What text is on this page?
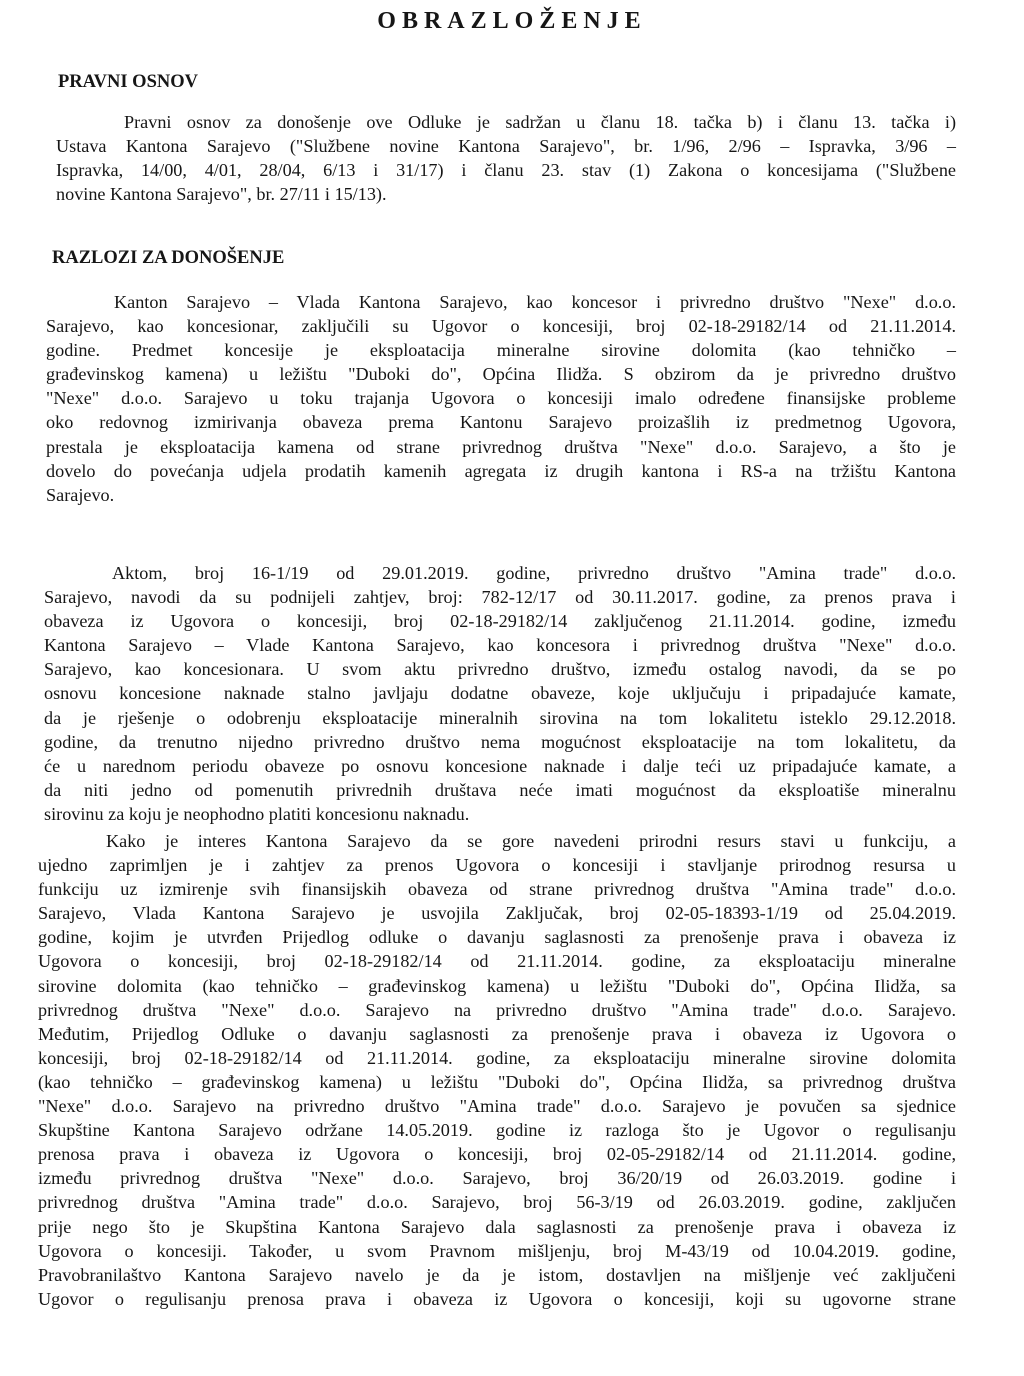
OBRAZLOŽENJE
PRAVNI OSNOV
Pravni osnov za donošenje ove Odluke je sadržan u članu 18. tačka b) i članu 13. tačka i)
Ustava Kantona Sarajevo ("Službene novine Kantona Sarajevo", br. 1/96, 2/96 – Ispravka, 3/96 –
Ispravka, 14/00, 4/01, 28/04, 6/13 i 31/17) i članu 23. stav (1) Zakona o koncesijama ("Službene
novine Kantona Sarajevo", br. 27/11 i 15/13).
RAZLOZI ZA DONOŠENJE
Kanton Sarajevo – Vlada Kantona Sarajevo, kao koncesor i privredno društvo "Nexe" d.o.o.
Sarajevo, kao koncesionar, zaključili su Ugovor o koncesiji, broj 02-18-29182/14 od 21.11.2014.
godine. Predmet koncesije je eksploatacija mineralne sirovine dolomita (kao tehničko –
građevinskog kamena) u ležištu "Duboki do", Općina Ilidža. S obzirom da je privredno društvo
"Nexe" d.o.o. Sarajevo u toku trajanja Ugovora o koncesiji imalo određene finansijske probleme
oko redovnog izmirivanja obaveza prema Kantonu Sarajevo proizašlih iz predmetnog Ugovora,
prestala je eksploatacija kamena od strane privrednog društva "Nexe" d.o.o. Sarajevo, a što je
dovelo do povećanja udjela prodatih kamenih agregata iz drugih kantona i RS-a na tržištu Kantona
Sarajevo.
Aktom, broj 16-1/19 od 29.01.2019. godine, privredno društvo "Amina trade" d.o.o.
Sarajevo, navodi da su podnijeli zahtjev, broj: 782-12/17 od 30.11.2017. godine, za prenos prava i
obaveza iz Ugovora o koncesiji, broj 02-18-29182/14 zaključenog 21.11.2014. godine, između
Kantona Sarajevo – Vlade Kantona Sarajevo, kao koncesora i privrednog društva "Nexe" d.o.o.
Sarajevo, kao koncesionara. U svom aktu privredno društvo, između ostalog navodi, da se po
osnovu koncesione naknade stalno javljaju dodatne obaveze, koje uključuju i pripadajuće kamate,
da je rješenje o odobrenju eksploatacije mineralnih sirovina na tom lokalitetu isteklo 29.12.2018.
godine, da trenutno nijedno privredno društvo nema mogućnost eksploatacije na tom lokalitetu, da
će u narednom periodu obaveze po osnovu koncesione naknade i dalje teći uz pripadajuće kamate, a
da niti jedno od pomenutih privrednih društava neće imati mogućnost da eksploatiše mineralnu
sirovinu za koju je neophodno platiti koncesionu naknadu.
Kako je interes Kantona Sarajevo da se gore navedeni prirodni resurs stavi u funkciju, a
ujedno zaprimljen je i zahtjev za prenos Ugovora o koncesiji i stavljanje prirodnog resursa u
funkciju uz izmirenje svih finansijskih obaveza od strane privrednog društva "Amina trade" d.o.o.
Sarajevo, Vlada Kantona Sarajevo je usvojila Zaključak, broj 02-05-18393-1/19 od 25.04.2019.
godine, kojim je utvrđen Prijedlog odluke o davanju saglasnosti za prenošenje prava i obaveza iz
Ugovora o koncesiji, broj 02-18-29182/14 od 21.11.2014. godine, za eksploataciju mineralne
sirovine dolomita (kao tehničko – građevinskog kamena) u ležištu "Duboki do", Općina Ilidža, sa
privrednog društva "Nexe" d.o.o. Sarajevo na privredno društvo "Amina trade" d.o.o. Sarajevo.
Međutim, Prijedlog Odluke o davanju saglasnosti za prenošenje prava i obaveza iz Ugovora o
koncesiji, broj 02-18-29182/14 od 21.11.2014. godine, za eksploataciju mineralne sirovine dolomita
(kao tehničko – građevinskog kamena) u ležištu "Duboki do", Općina Ilidža, sa privrednog društva
"Nexe" d.o.o. Sarajevo na privredno društvo "Amina trade" d.o.o. Sarajevo je povučen sa sjednice
Skupštine Kantona Sarajevo održane 14.05.2019. godine iz razloga što je Ugovor o regulisanju
prenosa prava i obaveza iz Ugovora o koncesiji, broj 02-05-29182/14 od 21.11.2014. godine,
između privrednog društva "Nexe" d.o.o. Sarajevo, broj 36/20/19 od 26.03.2019. godine i
privrednog društva "Amina trade" d.o.o. Sarajevo, broj 56-3/19 od 26.03.2019. godine, zaključen
prije nego što je Skupština Kantona Sarajevo dala saglasnosti za prenošenje prava i obaveza iz
Ugovora o koncesiji. Također, u svom Pravnom mišljenju, broj M-43/19 od 10.04.2019. godine,
Pravobranilaštvo Kantona Sarajevo navelo je da je istom, dostavljen na mišljenje već zaključeni
Ugovor o regulisanju prenosa prava i obaveza iz Ugovora o koncesiji, koji su ugovorne strane
